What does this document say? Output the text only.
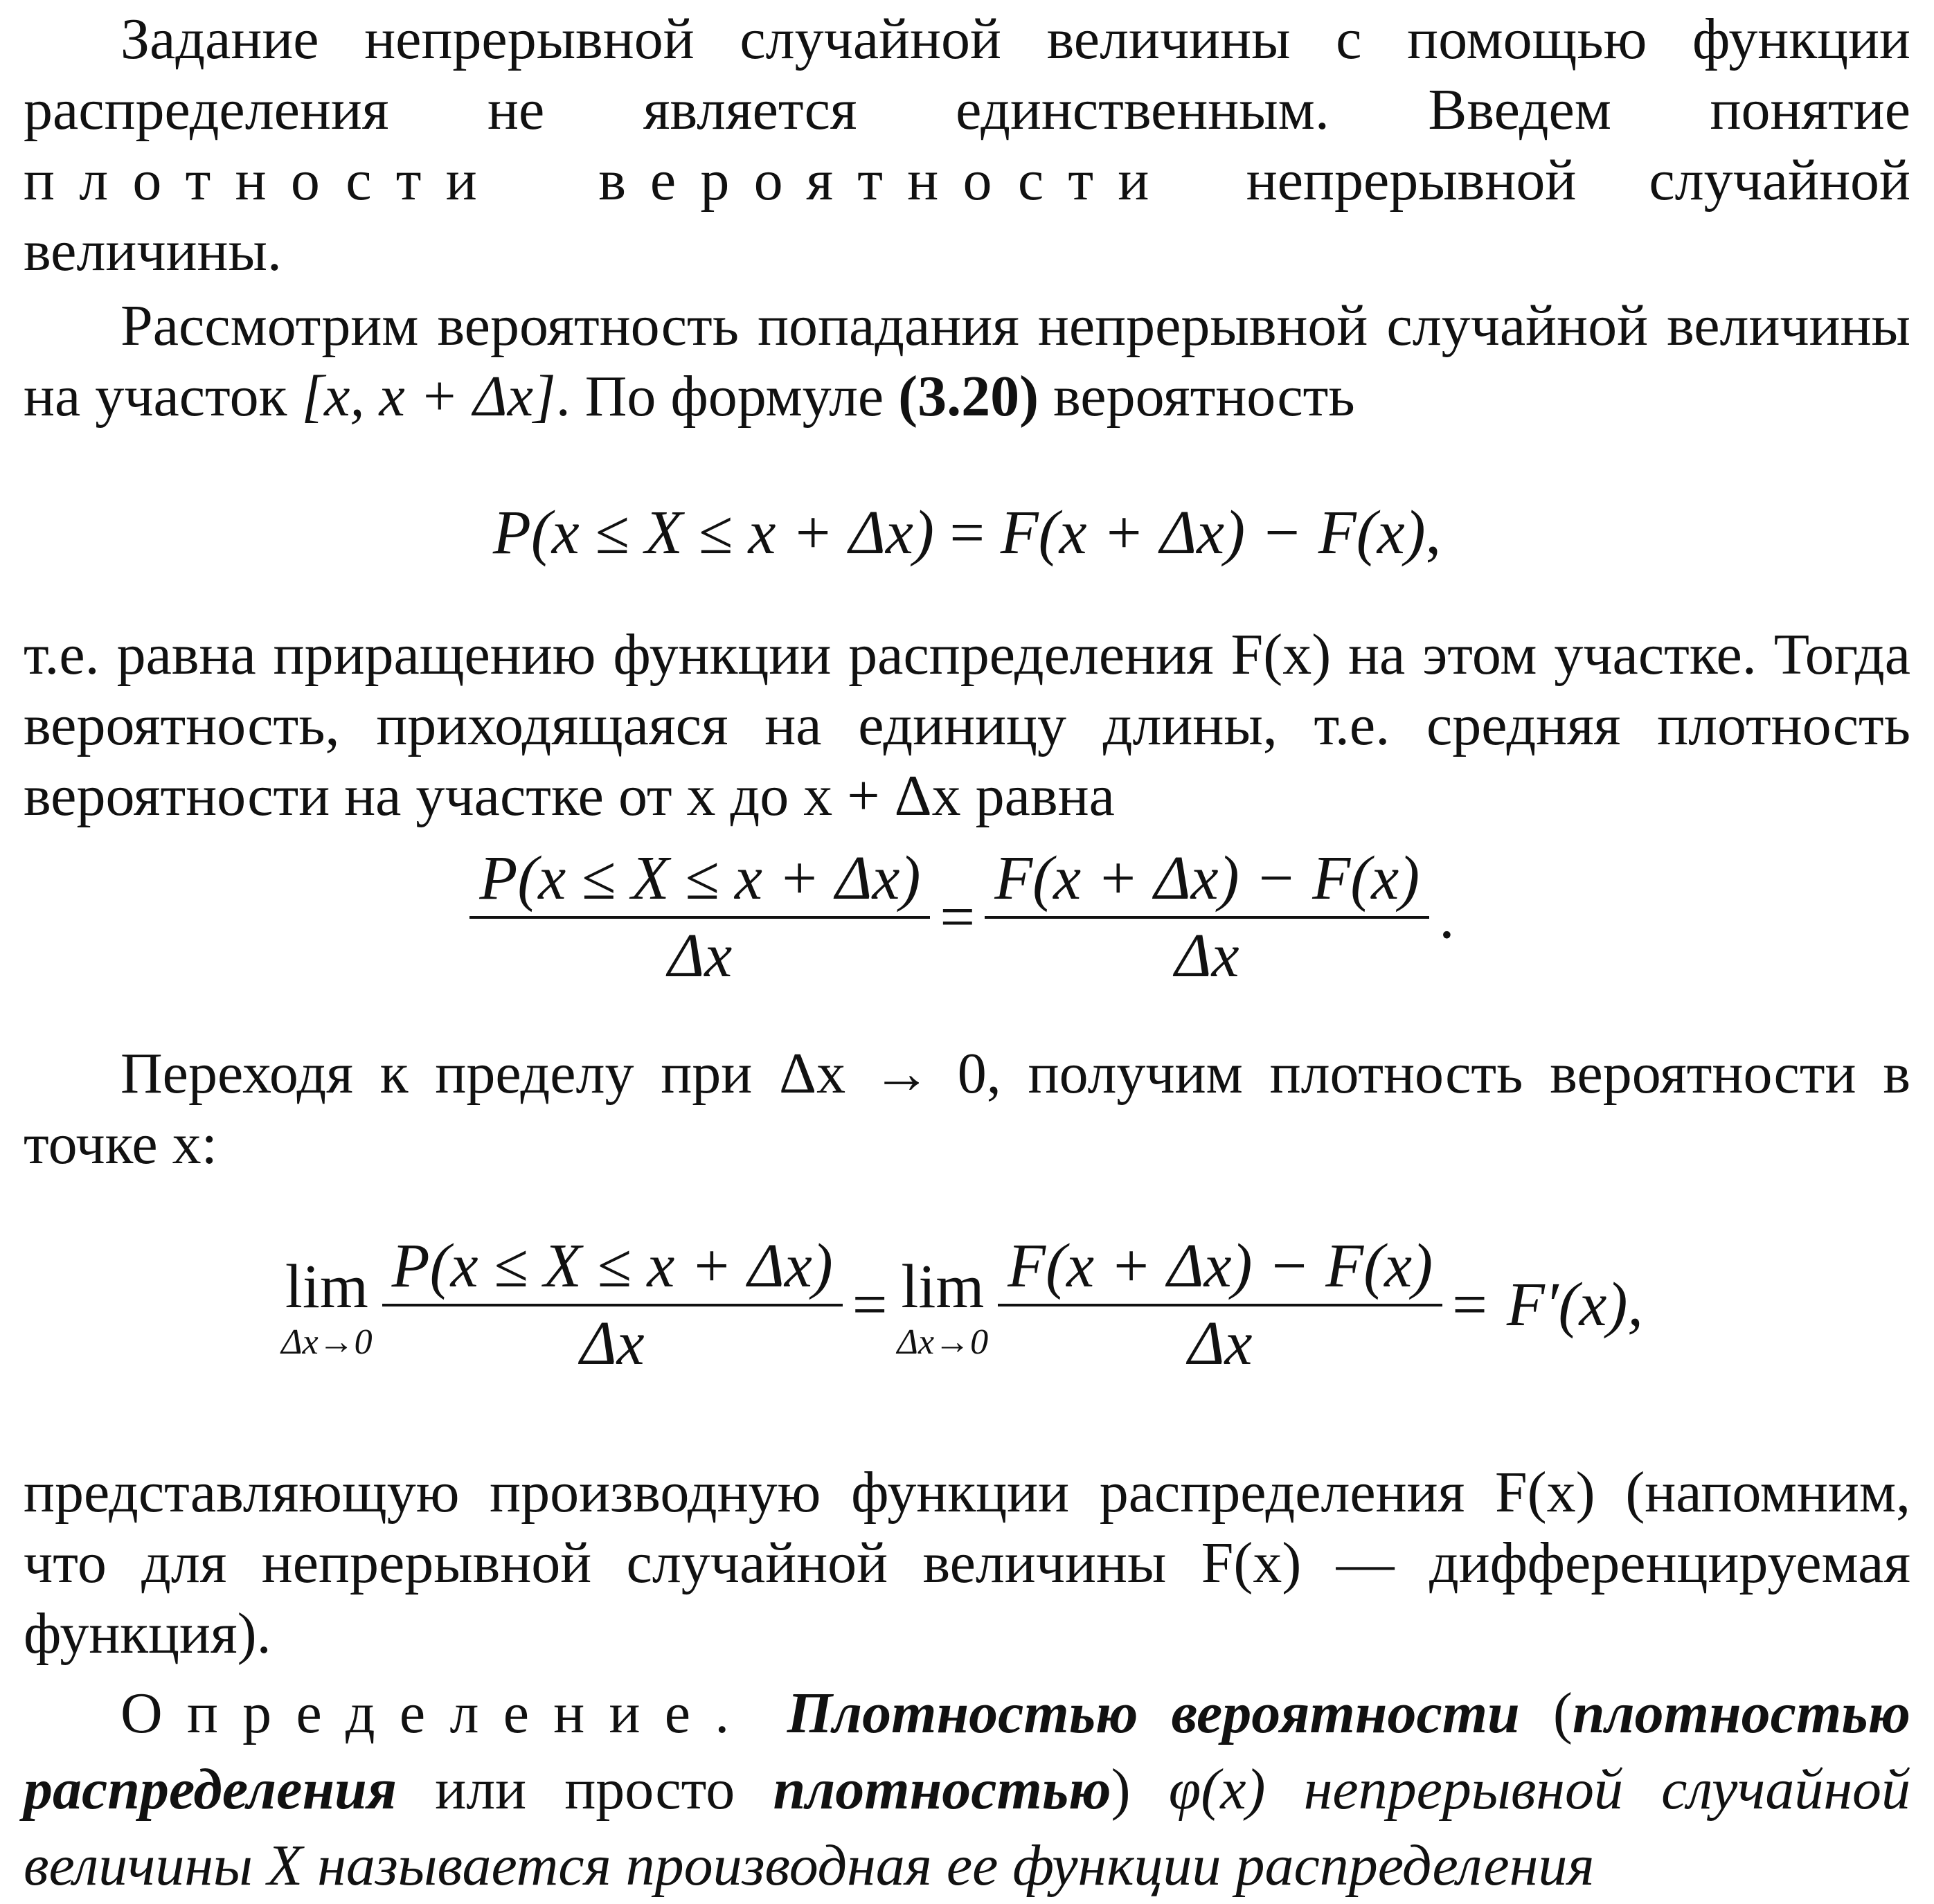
Задание непрерывной случайной величины с помощью функции распределения не является единственным. Введем понятие плотности вероятности непрерывной случайной величины.

Рассмотрим вероятность попадания непрерывной случайной величины на участок [x, x + Δx]. По формуле (3.20) вероятность

P(x ≤ X ≤ x + Δx) = F(x + Δx) − F(x),

т.е. равна приращению функции распределения F(x) на этом участке. Тогда вероятность, приходящаяся на единицу длины, т.е. средняя плотность вероятности на участке от x до x + Δx равна

$\frac{P(x \le X \le x + \Delta x)}{\Delta x} = \frac{F(x + \Delta x) - F(x)}{\Delta x}$ .

Переходя к пределу при Δx → 0, получим плотность вероятности в точке x:

lim
$\Delta x\to 0 \frac{P(x \le X \le x + \Delta x)}{\Delta x} = \lim$
$\Delta x\to 0 \frac{F(x + \Delta x) - F(x)}{\Delta x} = F'(x)$,

представляющую производную функции распределения F(x) (напомним, что для непрерывной случайной величины F(x) — дифференцируемая функция).

Определение. Плотностью вероятности (плотностью распределения или просто плотностью) φ(x) непрерывной случайной величины X называется производная ее функции распределения
